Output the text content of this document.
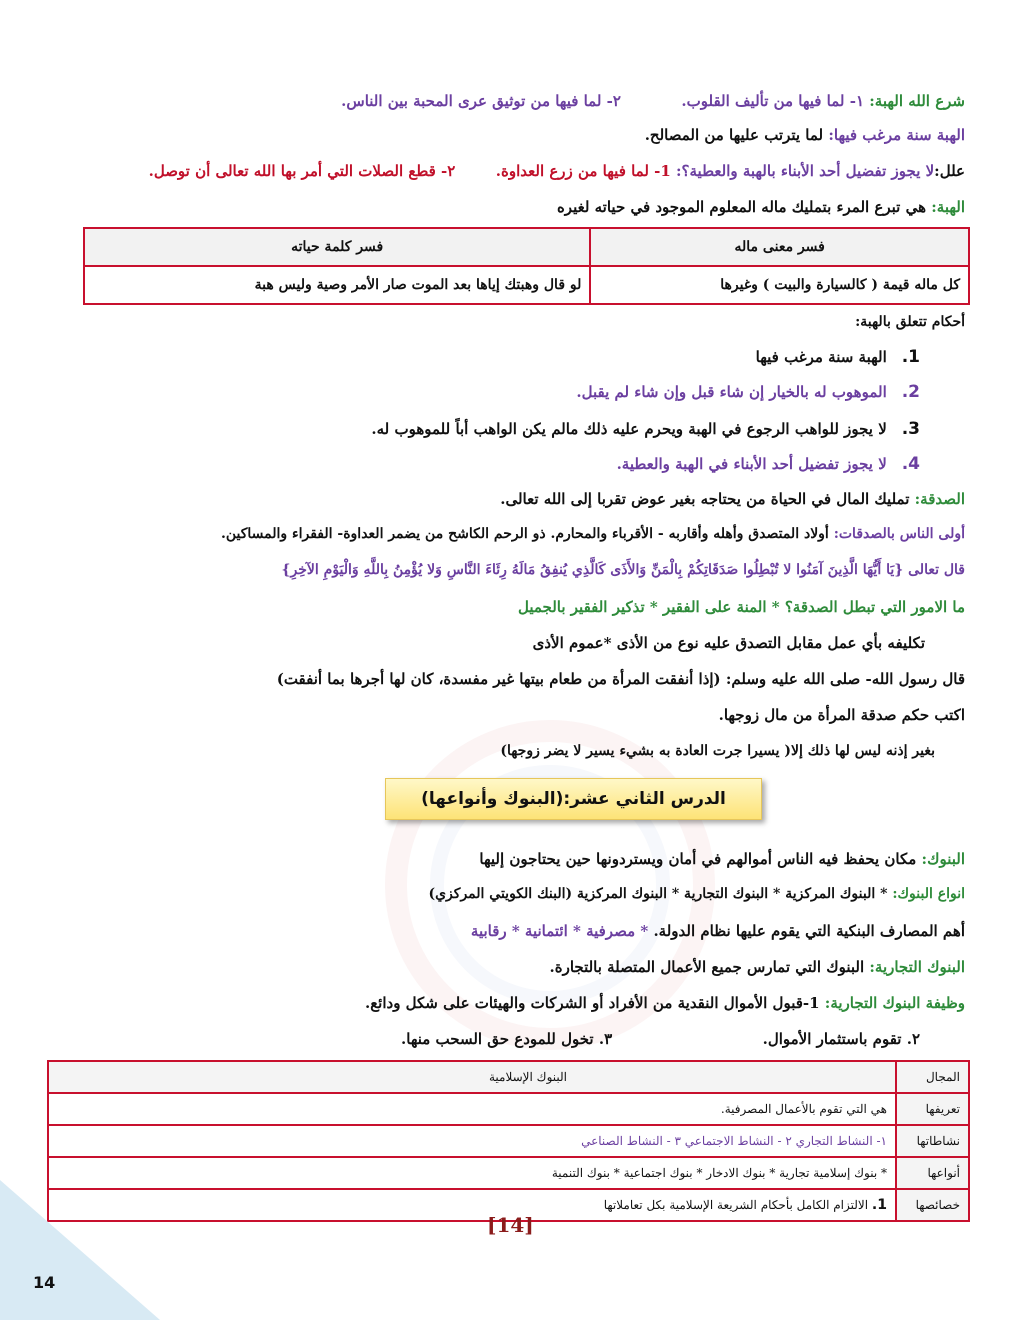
شرع الله الهبة: ١- لما فيها من تأليف القلوب.  ٢- لما فيها من توثيق عرى المحبة بين الناس.
الهبة سنة مرغب فيها: لما يترتب عليها من المصالح.
علل:لا يجوز تفضيل أحد الأبناء بالهبة والعطية؟: 1- لما فيها من زرع العداوة.  ٢- قطع الصلات التي أمر بها الله تعالى أن توصل.
الهبة: هي تبرع المرء بتمليك ماله المعلوم الموجود في حياته لغيره
فسر معنى ماله	فسر كلمة حياته
كل ماله قيمة ( كالسيارة والبيت ) وغيرها	لو قال وهبتك إياها بعد الموت صار الأمر وصية وليس هبة
أحكام تتعلق بالهبة:
1. الهبة سنة مرغب فيها
2. الموهوب له بالخيار إن شاء قبل وإن شاء لم يقبل.
3. لا يجوز للواهب الرجوع في الهبة ويحرم عليه ذلك مالم يكن الواهب أباً للموهوب له.
4. لا يجوز تفضيل أحد الأبناء في الهبة والعطية.
الصدقة: تمليك المال في الحياة من يحتاجه بغير عوض تقربا إلى الله تعالى.
أولى الناس بالصدقات: أولاد المتصدق وأهله وأقاربه - الأقرباء والمحارم. ذو الرحم الكاشح من يضمر العداوة- الفقراء والمساكين.
قال تعالى {يَا أَيُّهَا الَّذِينَ آمَنُوا لا تُبْطِلُوا صَدَقَاتِكُمْ بِالْمَنِّ وَالأَذَى كَالَّذِي يُنفِقُ مَالَهُ رِئَاءَ النَّاسِ وَلا يُؤْمِنُ بِاللَّهِ وَالْيَوْمِ الآخِرِ}
ما الامور التي تبطل الصدقة؟ * المنة على الفقير * تذكير الفقير بالجميل
تكليفه بأي عمل مقابل التصدق عليه نوع من الأذى *عموم الأذى
قال رسول الله- صلى الله عليه وسلم: (إذا أنفقت المرأة من طعام بيتها غير مفسدة، كان لها أجرها بما أنفقت)
اكتب حكم صدقة المرأة من مال زوجها.
بغير إذنه ليس لها ذلك إلا( يسيرا جرت العادة به بشيء يسير لا يضر زوجها)
الدرس الثاني عشر:(البنوك وأنواعها)
البنوك: مكان يحفظ فيه الناس أموالهم في أمان ويستردونها حين يحتاجون إليها
انواع البنوك: * البنوك المركزية * البنوك التجارية * البنوك المركزية (البنك الكويتي المركزي)
أهم المصارف البنكية التي يقوم عليها نظام الدولة. * مصرفية * ائتمانية * رقابية
البنوك التجارية: البنوك التي تمارس جميع الأعمال المتصلة بالتجارة.
وظيفة البنوك التجارية: 1-قبول الأموال النقدية من الأفراد أو الشركات والهيئات على شكل ودائع.
٢. تقوم باستثمار الأموال.  ٣. تخول للمودع حق السحب منها.
المجال	البنوك الإسلامية
تعريفها	هي التي تقوم بالأعمال المصرفية.
نشاطاتها	١- النشاط التجاري ٢ - النشاط الاجتماعي ٣ - النشاط الصناعي
أنواعها	* بنوك إسلامية تجارية * بنوك الادخار * بنوك اجتماعية * بنوك التنمية
خصائصها	1. الالتزام الكامل بأحكام الشريعة الإسلامية بكل تعاملاتها
[14]
14
